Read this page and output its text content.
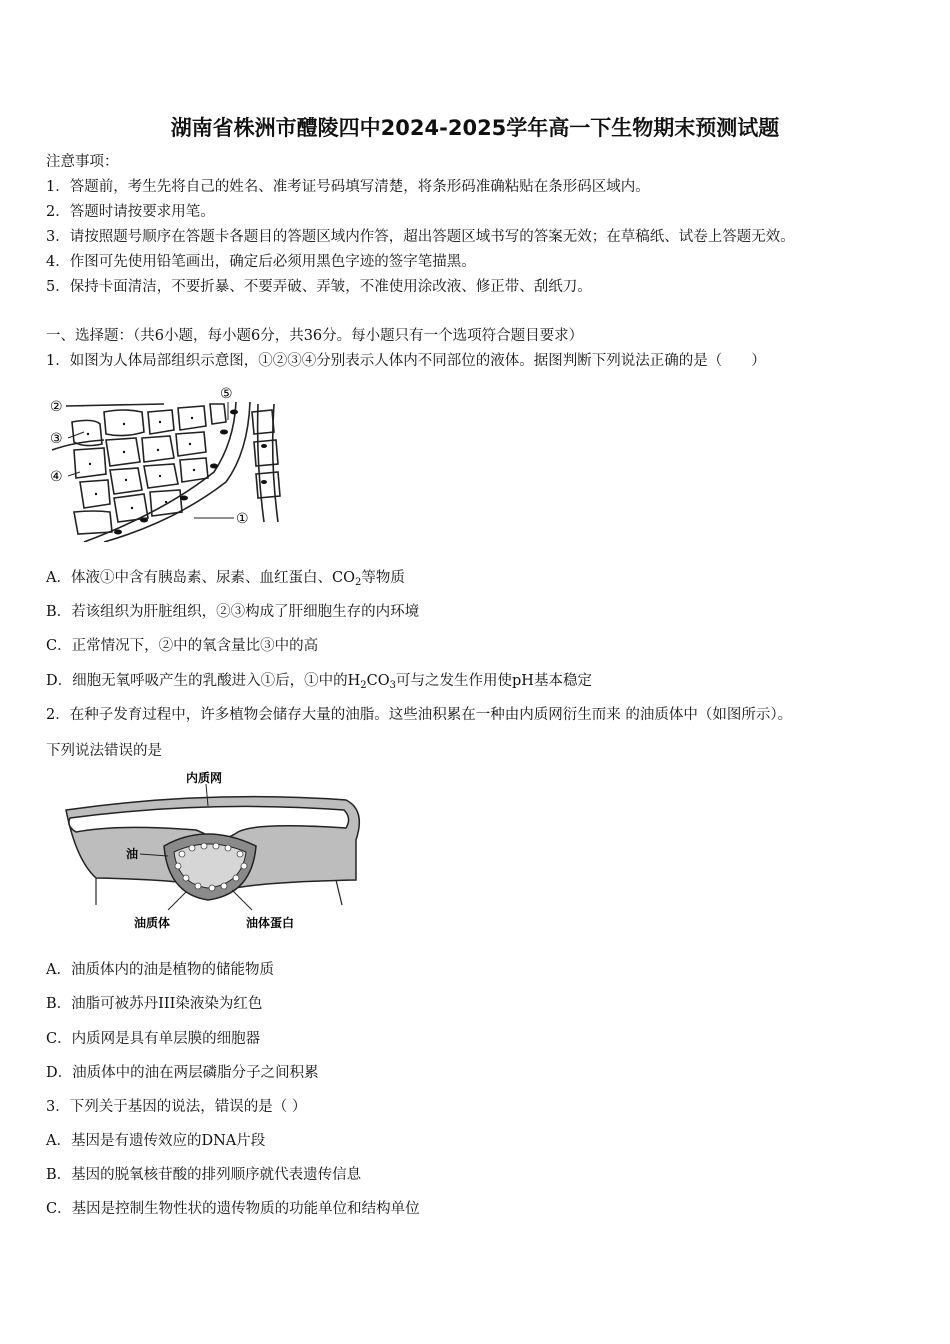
湖南省株洲市醴陵四中2024-2025学年高一下生物期末预测试题
注意事项：
1．答题前，考生先将自己的姓名、准考证号码填写清楚，将条形码准确粘贴在条形码区域内。
2．答题时请按要求用笔。
3．请按照题号顺序在答题卡各题目的答题区域内作答，超出答题区域书写的答案无效；在草稿纸、试卷上答题无效。
4．作图可先使用铅笔画出，确定后必须用黑色字迹的签字笔描黑。
5．保持卡面清洁，不要折暴、不要弄破、弄皱，不准使用涂改液、修正带、刮纸刀。
一、选择题：（共6小题，每小题6分，共36分。每小题只有一个选项符合题目要求）
1．如图为人体局部组织示意图，①②③④分别表示人体内不同部位的液体。据图判断下列说法正确的是（　　）
②
③
④
⑤
①
A．体液①中含有胰岛素、尿素、血红蛋白、$CO_2$等物质
B．若该组织为肝脏组织，②③构成了肝细胞生存的内环境
C．正常情况下，②中的氧含量比③中的高
D．细胞无氧呼吸产生的乳酸进入①后，①中的$H_2CO_3$可与之发生作用使pH基本稳定
2．在种子发育过程中，许多植物会储存大量的油脂。这些油积累在一种由内质网衍生而来 的油质体中（如图所示）。
下列说法错误的是
内质网
油
油质体	油体蛋白
A．油质体内的油是植物的储能物质
B．油脂可被苏丹III染液染为红色
C．内质网是具有单层膜的细胞器
D．油质体中的油在两层磷脂分子之间积累
3．下列关于基因的说法，错误的是（ ）
A．基因是有遗传效应的DNA片段
B．基因的脱氧核苷酸的排列顺序就代表遗传信息
C．基因是控制生物性状的遗传物质的功能单位和结构单位
